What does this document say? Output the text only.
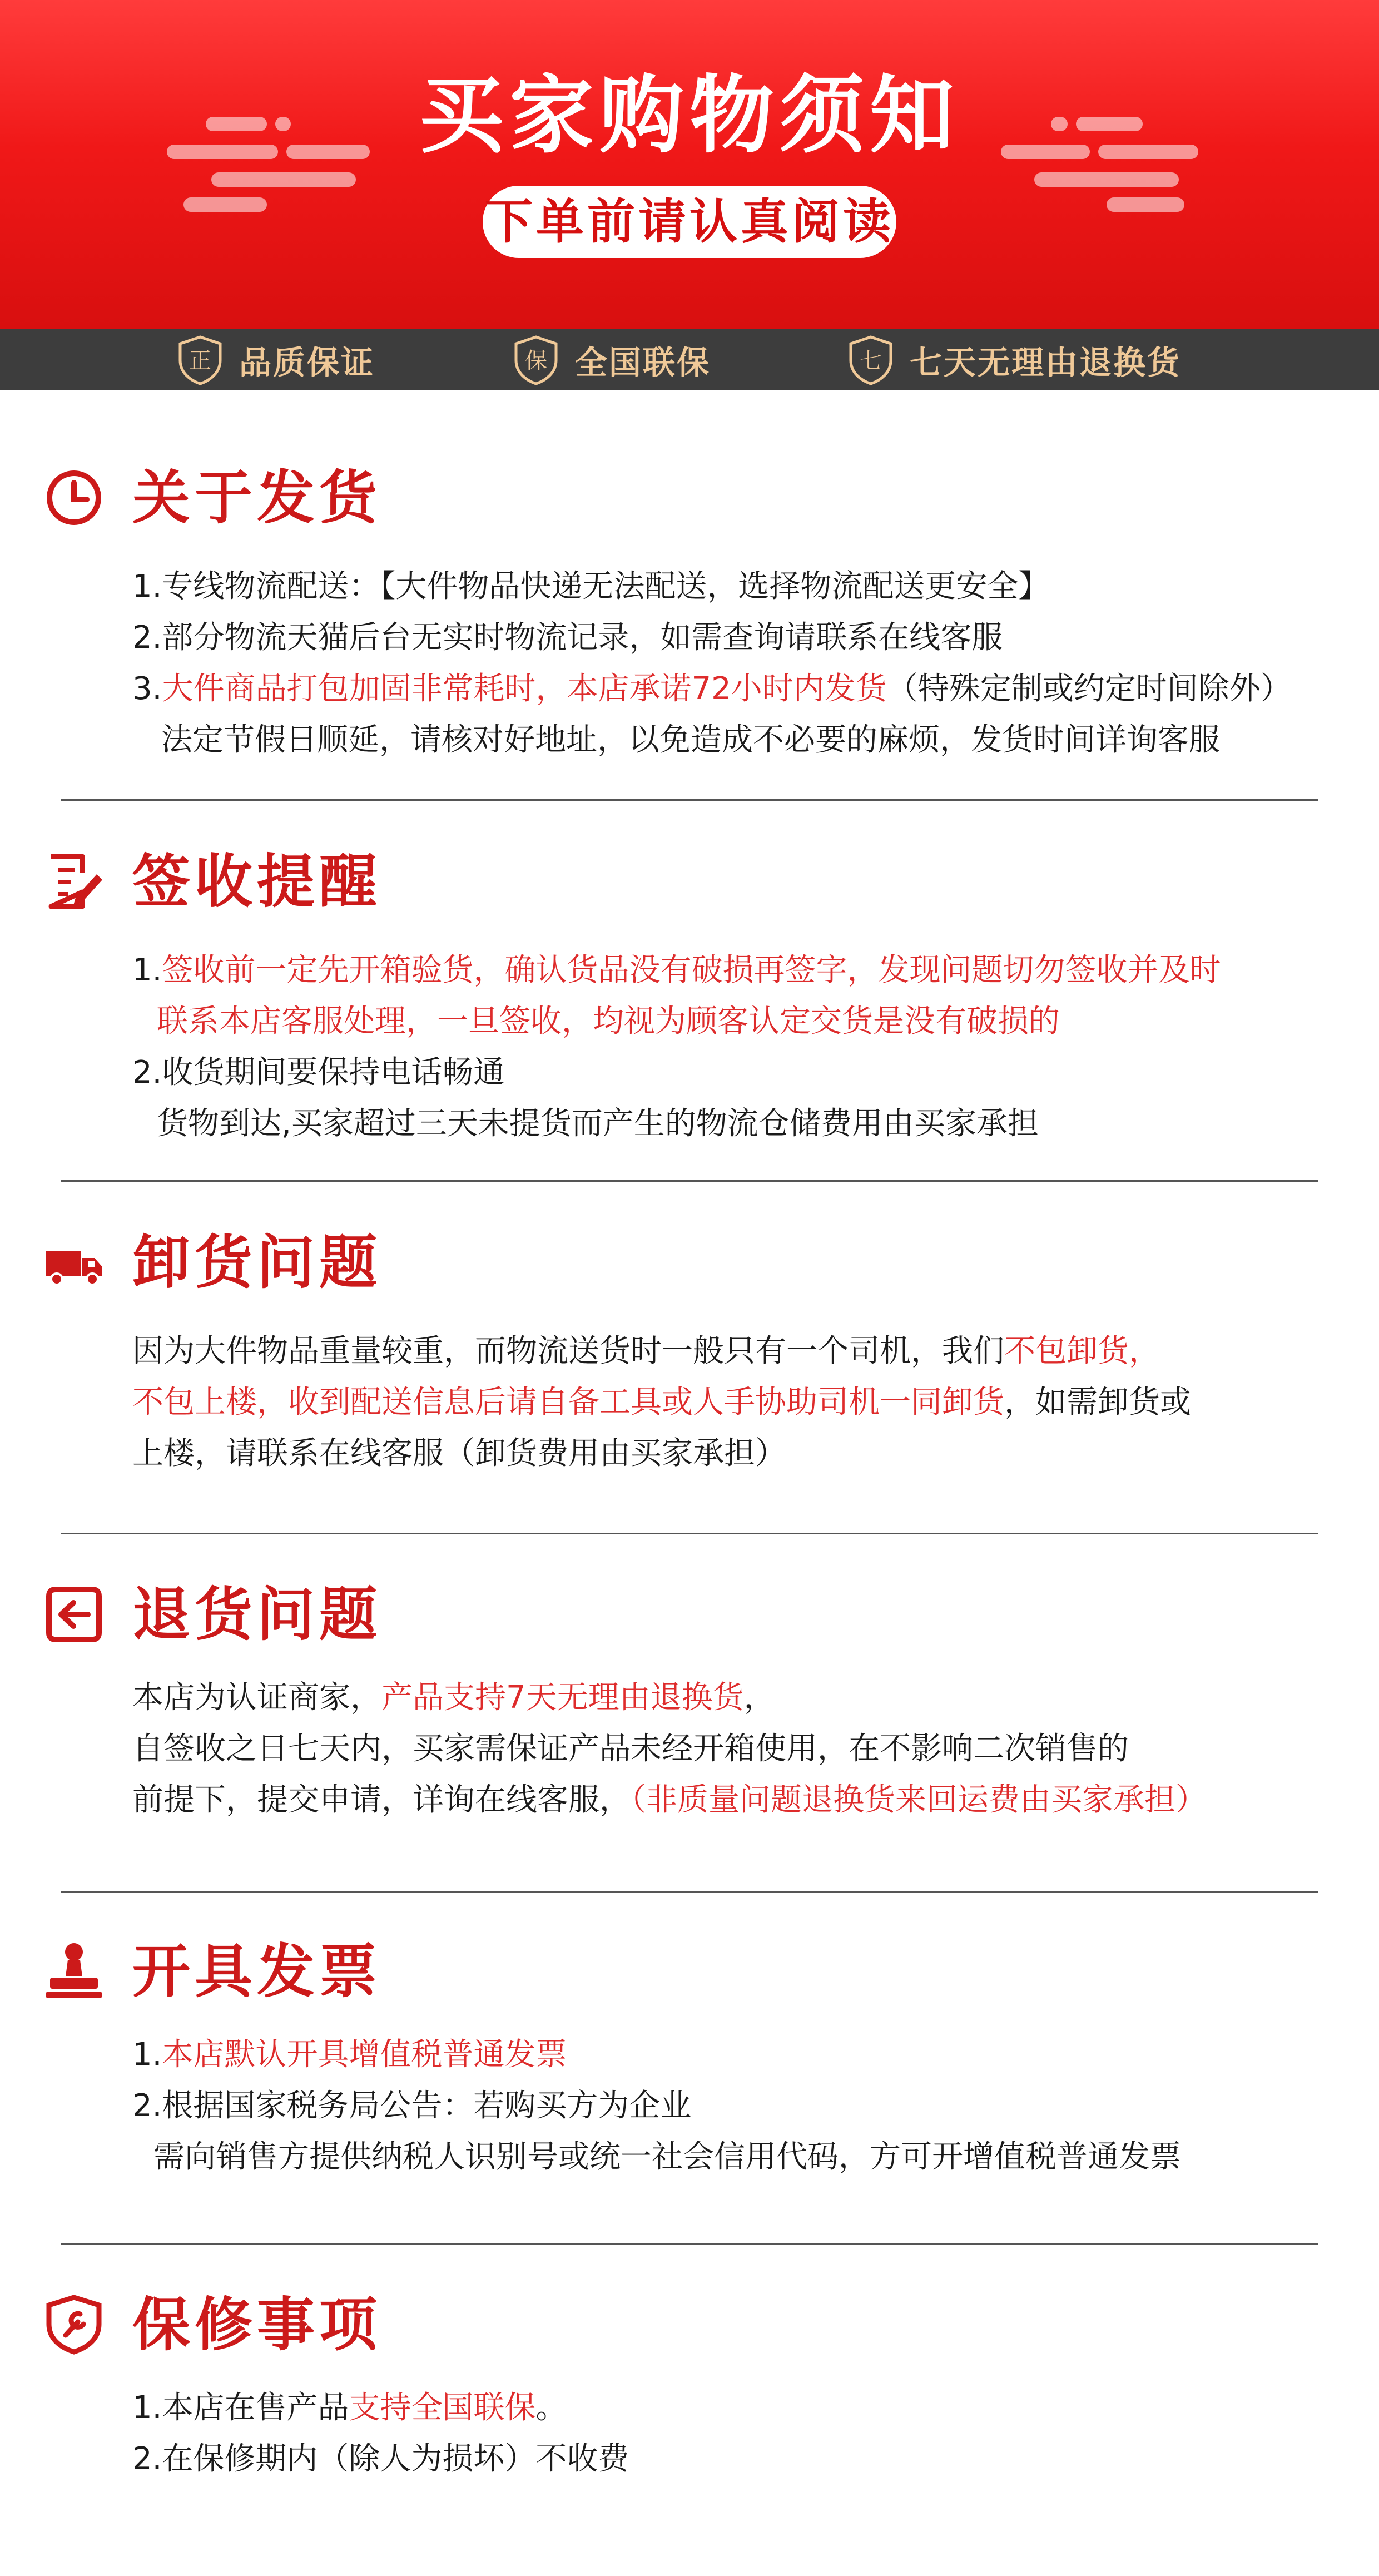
买家购物须知
下单前请认真阅读
正 品质保证	保 全国联保	七 七天无理由退换货
关于发货
1.专线物流配送：【大件物品快递无法配送，选择物流配送更安全】
2.部分物流天猫后台无实时物流记录，如需查询请联系在线客服
3.大件商品打包加固非常耗时，本店承诺72小时内发货（特殊定制或约定时间除外）
法定节假日顺延，请核对好地址，以免造成不必要的麻烦，发货时间详询客服
签收提醒
1.签收前一定先开箱验货，确认货品没有破损再签字，发现问题切勿签收并及时
联系本店客服处理，一旦签收，均视为顾客认定交货是没有破损的
2.收货期间要保持电话畅通
货物到达,买家超过三天未提货而产生的物流仓储费用由买家承担
卸货问题
因为大件物品重量较重，而物流送货时一般只有一个司机，我们不包卸货，
不包上楼，收到配送信息后请自备工具或人手协助司机一同卸货，如需卸货或
上楼，请联系在线客服（卸货费用由买家承担）
退货问题
本店为认证商家，产品支持7天无理由退换货，
自签收之日七天内，买家需保证产品未经开箱使用，在不影响二次销售的
前提下，提交申请，详询在线客服，（非质量问题退换货来回运费由买家承担）
开具发票
1.本店默认开具增值税普通发票
2.根据国家税务局公告：若购买方为企业
需向销售方提供纳税人识别号或统一社会信用代码，方可开增值税普通发票
保修事项
1.本店在售产品支持全国联保。
2.在保修期内（除人为损坏）不收费
